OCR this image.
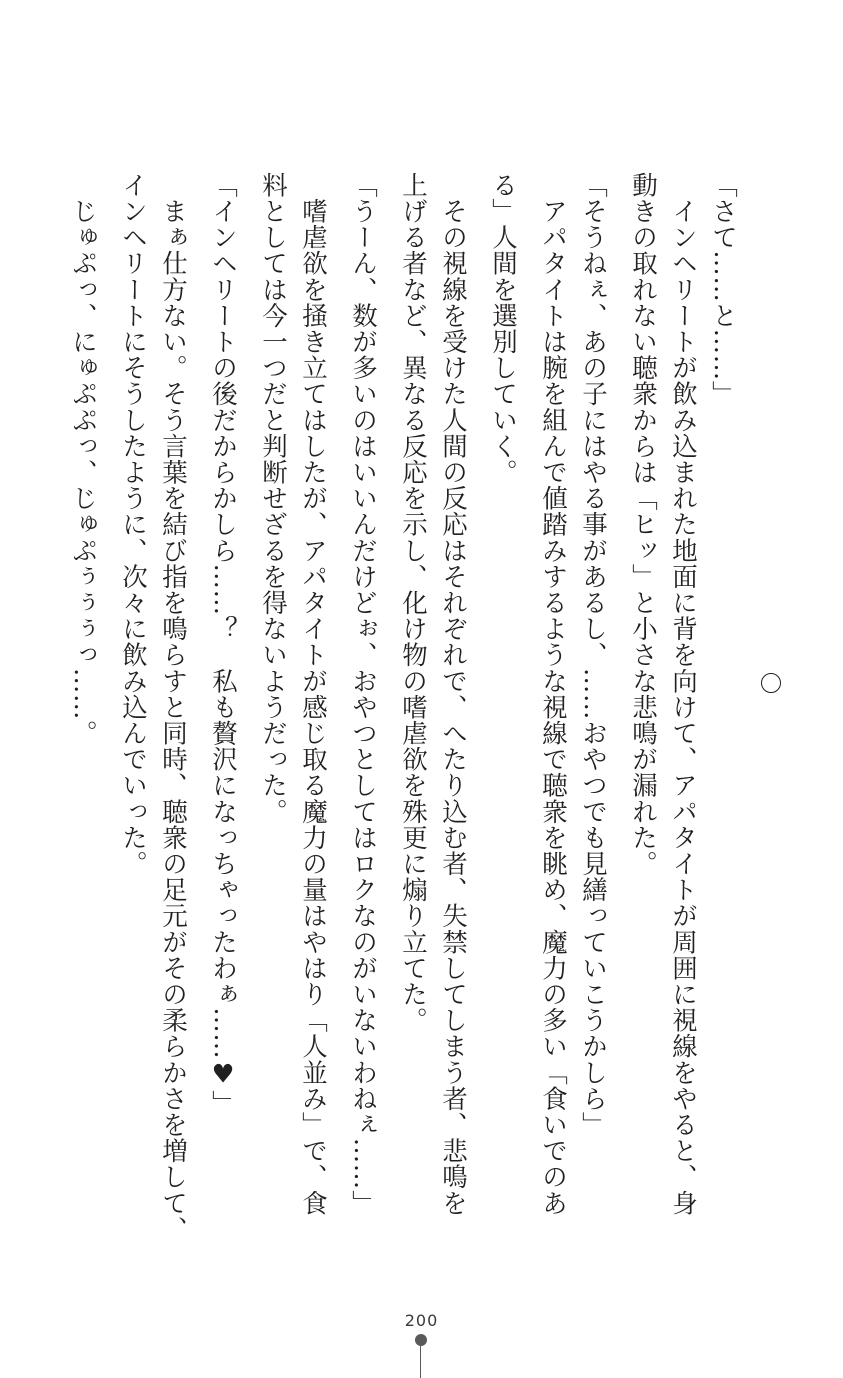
「さて……と……」
　インヘリートが飲み込まれた地面に背を向けて、アパタイトが周囲に視線をやると、身
動きの取れない聴衆からは「ヒッ」と小さな悲鳴が漏れた。
「そうねぇ、あの子にはやる事があるし、……おやつでも見繕っていこうかしら」
　アパタイトは腕を組んで値踏みするような視線で聴衆を眺め、魔力の多い「食いでのあ
る」人間を選別していく。
　その視線を受けた人間の反応はそれぞれで、へたり込む者、失禁してしまう者、悲鳴を
上げる者など、異なる反応を示し、化け物の嗜虐欲を殊更に煽り立てた。
「うーん、数が多いのはいいんだけどぉ、おやつとしてはロクなのがいないわねぇ……」
　嗜虐欲を掻き立てはしたが、アパタイトが感じ取る魔力の量はやはり「人並み」で、食
料としては今一つだと判断せざるを得ないようだった。
「インヘリートの後だからかしら……？　私も贅沢になっちゃったわぁ……♥」
　まぁ仕方ない。そう言葉を結び指を鳴らすと同時、聴衆の足元がその柔らかさを増して、
インヘリートにそうしたように、次々に飲み込んでいった。
　じゅぷっ、にゅぷぷっ、じゅぷぅぅぅっ……。
200
